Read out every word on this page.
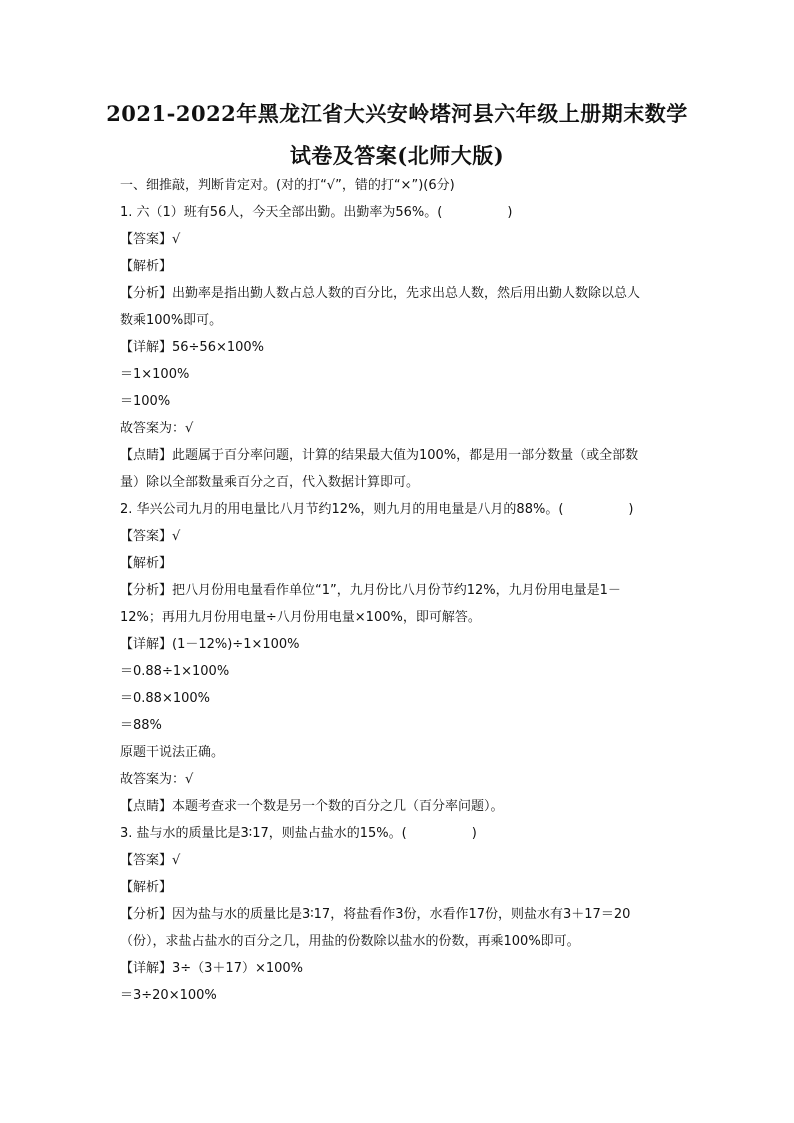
2021-2022年黑龙江省大兴安岭塔河县六年级上册期末数学
试卷及答案(北师大版)
一、细推敲，判断肯定对。(对的打“√”，错的打“×”)(6分)
1. 六（1）班有56人，今天全部出勤。出勤率为56%。(　　　　　)
【答案】√
【解析】
【分析】出勤率是指出勤人数占总人数的百分比，先求出总人数，然后用出勤人数除以总人
数乘100%即可。
【详解】56÷56×100%
＝1×100%
＝100%
故答案为：√
【点睛】此题属于百分率问题，计算的结果最大值为100%，都是用一部分数量（或全部数
量）除以全部数量乘百分之百，代入数据计算即可。
2. 华兴公司九月的用电量比八月节约12%，则九月的用电量是八月的88%。(　　　　　)
【答案】√
【解析】
【分析】把八月份用电量看作单位“1”，九月份比八月份节约12%，九月份用电量是1－
12%；再用九月份用电量÷八月份用电量×100%，即可解答。
【详解】(1－12%)÷1×100%
＝0.88÷1×100%
＝0.88×100%
＝88%
原题干说法正确。
故答案为：√
【点睛】本题考查求一个数是另一个数的百分之几（百分率问题）。
3. 盐与水的质量比是3∶17，则盐占盐水的15%。(　　　　　)
【答案】√
【解析】
【分析】因为盐与水的质量比是3∶17，将盐看作3份，水看作17份，则盐水有3＋17＝20
（份），求盐占盐水的百分之几，用盐的份数除以盐水的份数，再乘100%即可。
【详解】3÷（3＋17）×100%
＝3÷20×100%
